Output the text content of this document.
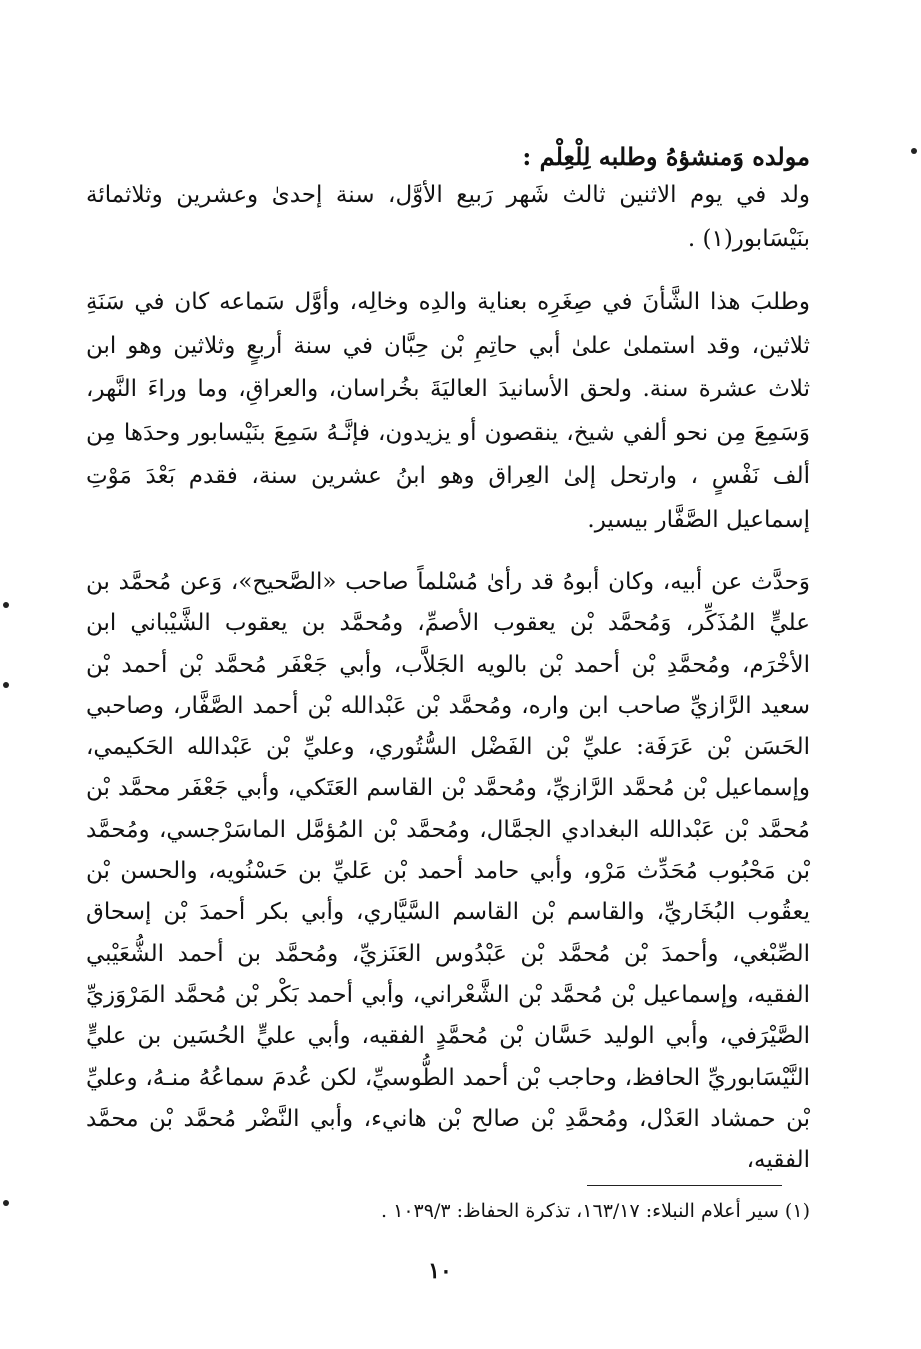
مولده وَمنشؤهُ وطلبه لِلْعِلْم :

ولد في يوم الاثنين ثالث شَهر رَبيع الأوَّل، سنة إحدىٰ وعشرين وثلاثمائة بنَيْسَابور(١) .

وطلبَ هذا الشَّأنَ في صِغَرِه بعناية والدِه وخالِه، وأوَّل سَماعه كان في سَنَةِ ثلاثين، وقد استملىٰ علىٰ أبي حاتِمِ بْن حِبَّان في سنة أربعٍ وثلاثين وهو ابن ثلاث عشرة سنة. ولحق الأسانيدَ العاليَةَ بخُراسان، والعراقِ، وما وراءَ النَّهر، وَسَمِعَ مِن نحو ألفي شيخ، ينقصون أو يزيدون، فإنَّـهُ سَمِعَ بنَيْسابور وحدَها مِن ألف نَفْسٍ ، وارتحل إلىٰ العِراق وهو ابنُ عشرين سنة، فقدم بَعْدَ مَوْتِ إسماعيل الصَّفَّار بيسير.

وَحدَّث عن أبيه، وكان أبوهُ قد رأىٰ مُسْلماً صاحب «الصَّحيح»، وَعن مُحمَّد بن عليٍّ المُذَكِّر، وَمُحمَّد بْن يعقوب الأصمِّ، ومُحمَّد بن يعقوب الشَّيْباني ابن الأخْرَم، ومُحمَّدِ بْن أحمد بْن بالويه الجَلاَّب، وأبي جَعْفَر مُحمَّد بْن أحمد بْن سعيد الرَّازيِّ صاحب ابن واره، ومُحمَّد بْن عَبْدالله بْن أحمد الصَّفَّار، وصاحبي الحَسَن بْن عَرَفَة: عليِّ بْن الفَضْل السُّتُوري، وعليِّ بْن عَبْدالله الحَكيمي، وإسماعيل بْن مُحمَّد الرَّازيِّ، ومُحمَّد بْن القاسم العَتَكي، وأبي جَعْفَر محمَّد بْن مُحمَّد بْن عَبْدالله البغدادي الجمَّال، ومُحمَّد بْن المُؤمَّل الماسَرْجسي، ومُحمَّد بْن مَحْبُوب مُحَدِّث مَرْو، وأبي حامد أحمد بْن عَليِّ بن حَسْنُويه، والحسن بْن يعقُوب البُخَاريِّ، والقاسم بْن القاسم السَّيَّاري، وأبي بكر أحمدَ بْن إسحاق الصِّبْغي، وأحمدَ بْن مُحمَّد بْن عَبْدُوس العَنَزيِّ، ومُحمَّد بن أحمد الشُّعَيْبي الفقيه، وإسماعيل بْن مُحمَّد بْن الشَّعْراني، وأبي أحمد بَكْر بْن مُحمَّد المَرْوَزيِّ الصَّيْرَفي، وأبي الوليد حَسَّان بْن مُحمَّدٍ الفقيه، وأبي عليٍّ الحُسَين بن عليٍّ النَّيْسَابوريِّ الحافظ، وحاجب بْن أحمد الطُّوسيِّ، لكن عُدمَ سماعُهُ منـهُ، وعليِّ بْن حمشاد العَدْل، ومُحمَّدِ بْن صالح بْن هانيء، وأبي النَّضْر مُحمَّد بْن محمَّد الفقيه،

(١) سير أعلام النبلاء: ١٦٣/١٧، تذكرة الحفاظ: ١٠٣٩/٣ .
١٠
